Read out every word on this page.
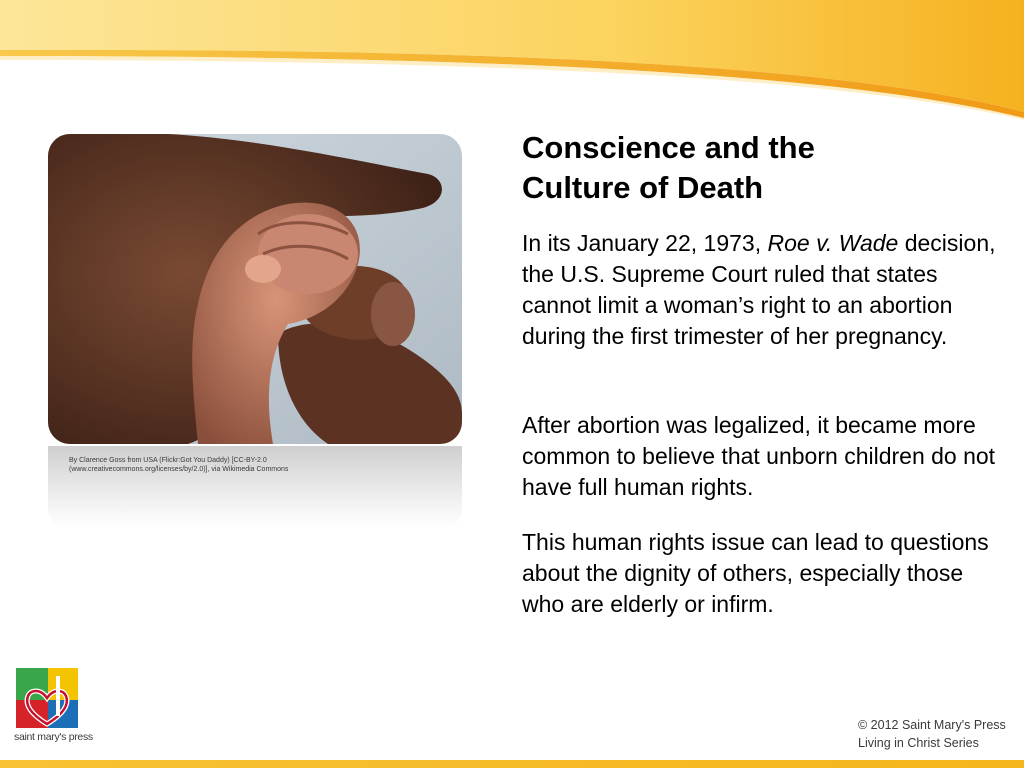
By Clarence Goss from USA (Flickr:Got You Daddy) [CC-BY-2.0
(www.creativecommons.org/licenses/by/2.0)], via Wikimedia Commons
Conscience and the
Culture of Death

In its January 22, 1973, Roe v. Wade decision, the U.S. Supreme Court ruled that states cannot limit a woman’s right to an abortion during the first trimester of her pregnancy.

After abortion was legalized, it became more common to believe that unborn children do not have full human rights.

This human rights issue can lead to questions about the dignity of others, especially those who are elderly or infirm.

saint mary's press
© 2012 Saint Mary's Press
Living in Christ Series
